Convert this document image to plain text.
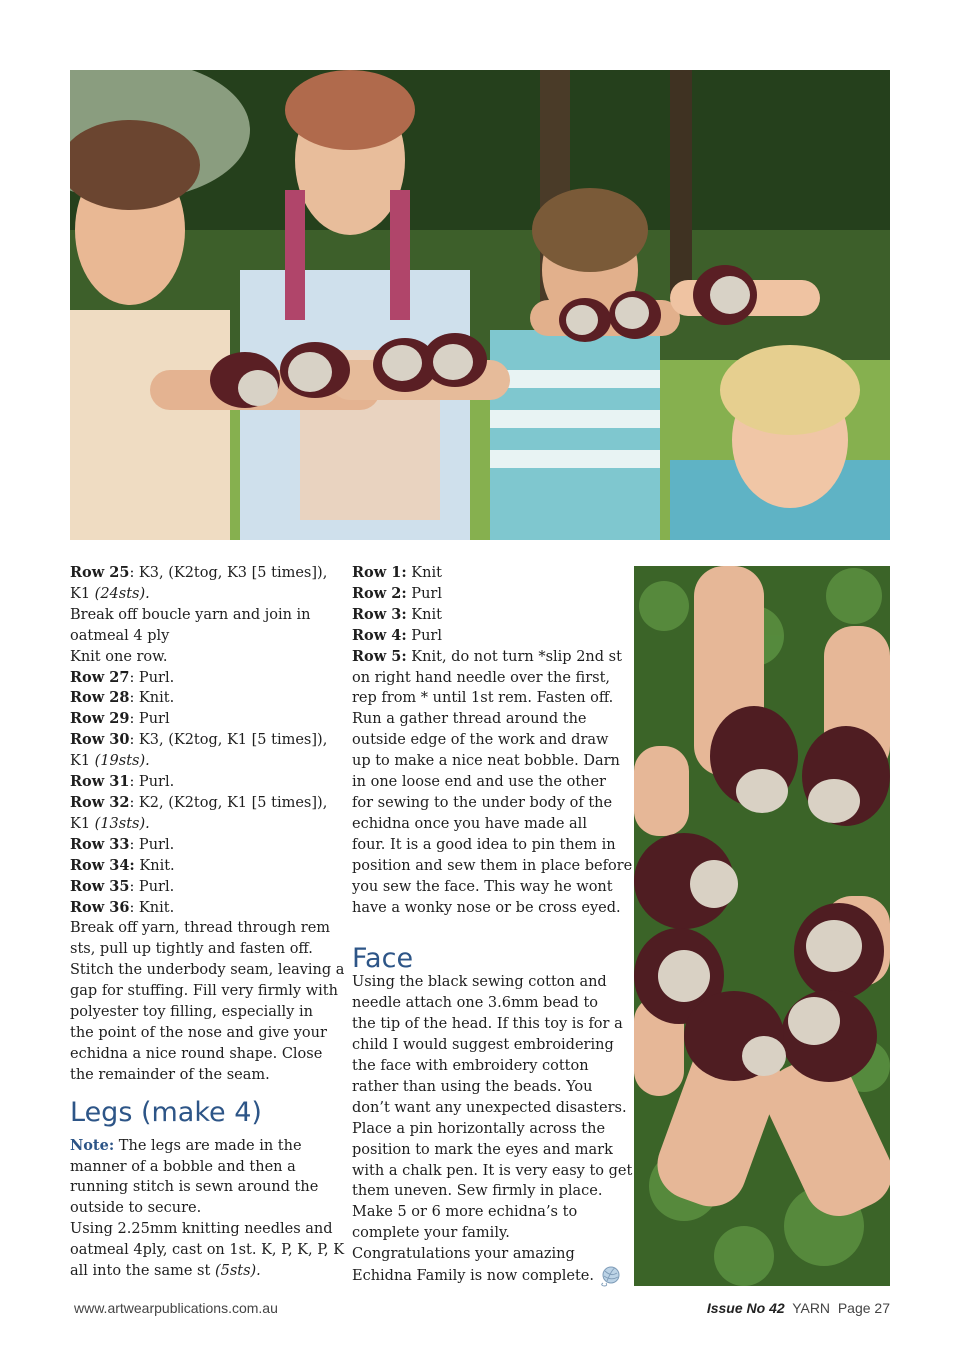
Row 25: K3, (K2tog, K3 [5 times]),
K1 (24sts).
Break off boucle yarn and join in
oatmeal 4 ply
Knit one row.
Row 27: Purl.
Row 28: Knit.
Row 29: Purl
Row 30: K3, (K2tog, K1 [5 times]),
K1 (19sts).
Row 31: Purl.
Row 32: K2, (K2tog, K1 [5 times]),
K1 (13sts).
Row 33: Purl.
Row 34: Knit.
Row 35: Purl.
Row 36: Knit.
Break off yarn, thread through rem
sts, pull up tightly and fasten off.
Stitch the underbody seam, leaving a
gap for stuffing. Fill very firmly with
polyester toy filling, especially in
the point of the nose and give your
echidna a nice round shape. Close
the remainder of the seam.
Legs (make 4)
Note: The legs are made in the
manner of a bobble and then a
running stitch is sewn around the
outside to secure.
Using 2.25mm knitting needles and
oatmeal 4ply, cast on 1st. K, P, K, P, K
all into the same st (5sts).
Row 1: Knit
Row 2: Purl
Row 3: Knit
Row 4: Purl
Row 5: Knit, do not turn *slip 2nd st
on right hand needle over the first,
rep from * until 1st rem. Fasten off.
Run a gather thread around the
outside edge of the work and draw
up to make a nice neat bobble. Darn
in one loose end and use the other
for sewing to the under body of the
echidna once you have made all
four. It is a good idea to pin them in
position and sew them in place before
you sew the face. This way he wont
have a wonky nose or be cross eyed.
Face
Using the black sewing cotton and
needle attach one 3.6mm bead to
the tip of the head. If this toy is for a
child I would suggest embroidering
the face with embroidery cotton
rather than using the beads. You
don’t want any unexpected disasters.
Place a pin horizontally across the
position to mark the eyes and mark
with a chalk pen. It is very easy to get
them uneven. Sew firmly in place.
Make 5 or 6 more echidna’s to
complete your family.
Congratulations your amazing
Echidna Family is now complete.
www.artwearpublications.com.au	Issue No 42 YARN Page 27
